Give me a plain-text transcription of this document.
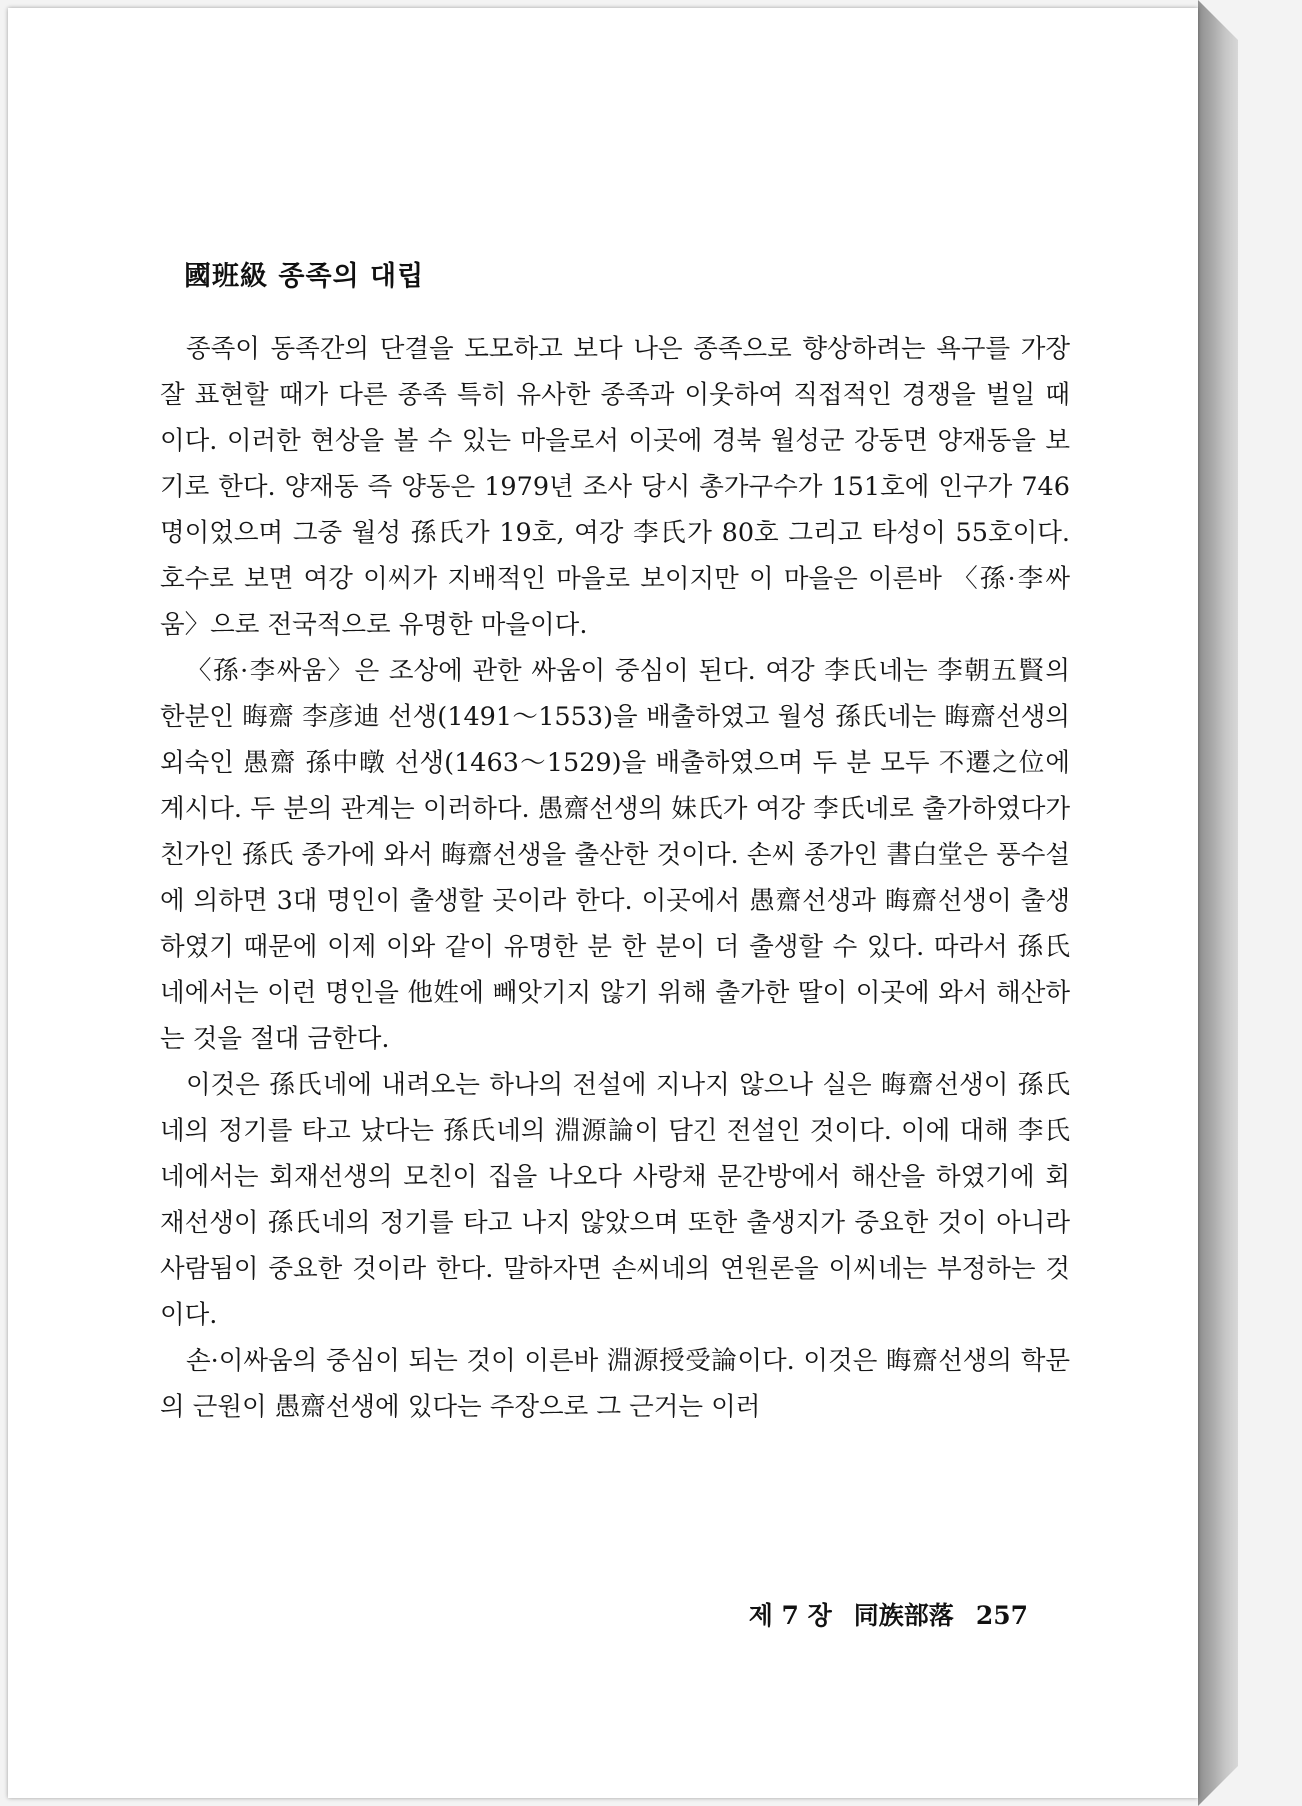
國班級 종족의 대립

종족이 동족간의 단결을 도모하고 보다 나은 종족으로 향상하려는 욕구를 가장 잘 표현할 때가 다른 종족 특히 유사한 종족과 이웃하여 직접적인 경쟁을 벌일 때이다. 이러한 현상을 볼 수 있는 마을로서 이곳에 경북 월성군 강동면 양재동을 보기로 한다. 양재동 즉 양동은 1979년 조사 당시 총가구수가 151호에 인구가 746명이었으며 그중 월성 孫氏가 19호, 여강 李氏가 80호 그리고 타성이 55호이다. 호수로 보면 여강 이씨가 지배적인 마을로 보이지만 이 마을은 이른바 〈孫·李싸움〉으로 전국적으로 유명한 마을이다.

〈孫·李싸움〉은 조상에 관한 싸움이 중심이 된다. 여강 李氏네는 李朝五賢의 한분인 晦齋 李彦迪 선생(1491～1553)을 배출하였고 월성 孫氏네는 晦齋선생의 외숙인 愚齋 孫中暾 선생(1463～1529)을 배출하였으며 두 분 모두 不遷之位에 계시다. 두 분의 관계는 이러하다. 愚齋선생의 妹氏가 여강 李氏네로 출가하였다가 친가인 孫氏 종가에 와서 晦齋선생을 출산한 것이다. 손씨 종가인 書白堂은 풍수설에 의하면 3대 명인이 출생할 곳이라 한다. 이곳에서 愚齋선생과 晦齋선생이 출생하였기 때문에 이제 이와 같이 유명한 분 한 분이 더 출생할 수 있다. 따라서 孫氏네에서는 이런 명인을 他姓에 빼앗기지 않기 위해 출가한 딸이 이곳에 와서 해산하는 것을 절대 금한다.

이것은 孫氏네에 내려오는 하나의 전설에 지나지 않으나 실은 晦齋선생이 孫氏네의 정기를 타고 났다는 孫氏네의 淵源論이 담긴 전설인 것이다. 이에 대해 李氏네에서는 회재선생의 모친이 집을 나오다 사랑채 문간방에서 해산을 하였기에 회재선생이 孫氏네의 정기를 타고 나지 않았으며 또한 출생지가 중요한 것이 아니라 사람됨이 중요한 것이라 한다. 말하자면 손씨네의 연원론을 이씨네는 부정하는 것이다.

손·이싸움의 중심이 되는 것이 이른바 淵源授受論이다. 이것은 晦齋선생의 학문의 근원이 愚齋선생에 있다는 주장으로 그 근거는 이러

제 7 장 同族部落 257
